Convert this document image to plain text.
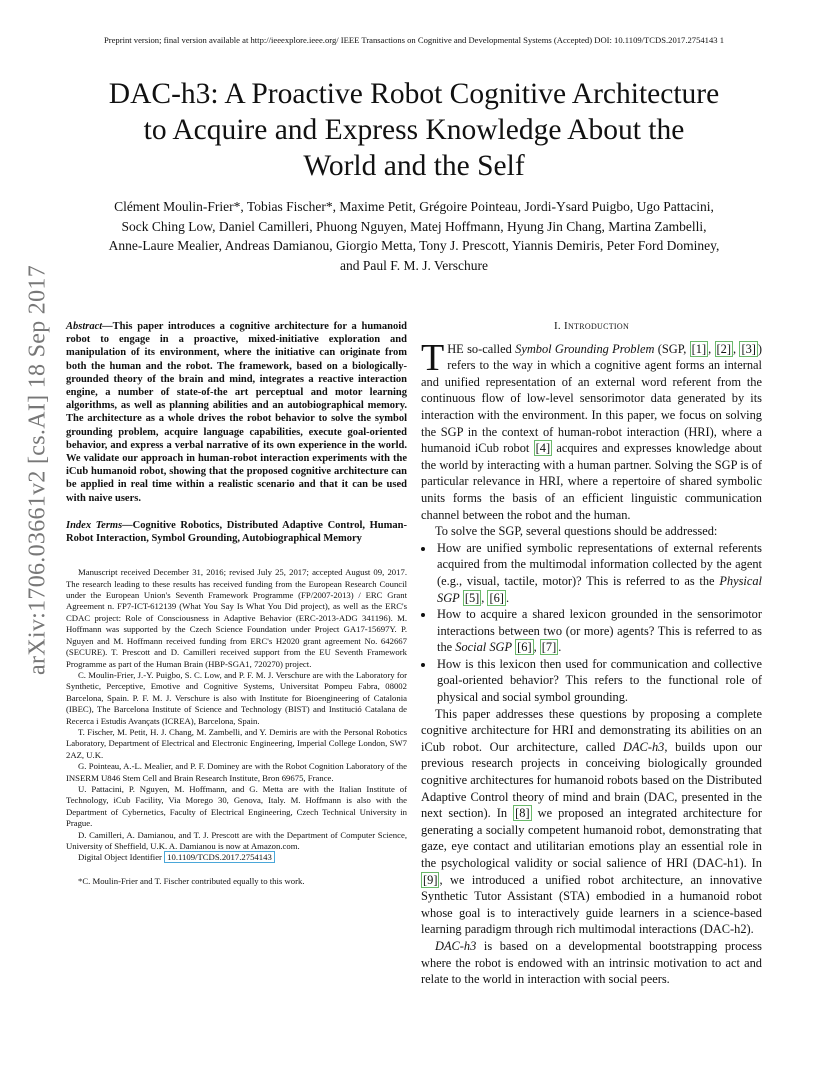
Preprint version; final version available at http://ieeexplore.ieee.org/ IEEE Transactions on Cognitive and Developmental Systems (Accepted) DOI: 10.1109/TCDS.2017.2754143 1
DAC-h3: A Proactive Robot Cognitive Architecture
to Acquire and Express Knowledge About the
World and the Self
Clément Moulin-Frier*, Tobias Fischer*, Maxime Petit, Grégoire Pointeau, Jordi-Ysard Puigbo, Ugo Pattacini,
Sock Ching Low, Daniel Camilleri, Phuong Nguyen, Matej Hoffmann, Hyung Jin Chang, Martina Zambelli,
Anne-Laure Mealier, Andreas Damianou, Giorgio Metta, Tony J. Prescott, Yiannis Demiris, Peter Ford Dominey,
and Paul F. M. J. Verschure
arXiv:1706.03661v2 [cs.AI] 18 Sep 2017 Abstract—This paper introduces a cognitive architecture for a humanoid robot to engage in a proactive, mixed-initiative exploration and manipulation of its environment, where the initiative can originate from both the human and the robot. The framework, based on a biologically-grounded theory of the brain and mind, integrates a reactive interaction engine, a number of state-of-the art perceptual and motor learning algorithms, as well as planning abilities and an autobiographical memory. The architecture as a whole drives the robot behavior to solve the symbol grounding problem, acquire language capabilities, execute goal-oriented behavior, and express a verbal narrative of its own experience in the world. We validate our approach in human-robot interaction experiments with the iCub humanoid robot, showing that the proposed cognitive architecture can be applied in real time within a realistic scenario and that it can be used with naive users.
Index Terms—Cognitive Robotics, Distributed Adaptive Control, Human-Robot Interaction, Symbol Grounding, Autobiographical Memory

Manuscript received December 31, 2016; revised July 25, 2017; accepted August 09, 2017. The research leading to these results has received funding from the European Research Council under the European Union's Seventh Framework Programme (FP/2007-2013) / ERC Grant Agreement n. FP7-ICT-612139 (What You Say Is What You Did project), as well as the ERC's CDAC project: Role of Consciousness in Adaptive Behavior (ERC-2013-ADG 341196). M. Hoffmann was supported by the Czech Science Foundation under Project GA17-15697Y. P. Nguyen and M. Hoffmann received funding from ERC's H2020 grant agreement No. 642667 (SECURE). T. Prescott and D. Camilleri received support from the EU Seventh Framework Programme as part of the Human Brain (HBP-SGA1, 720270) project.

C. Moulin-Frier, J.-Y. Puigbo, S. C. Low, and P. F. M. J. Verschure are with the Laboratory for Synthetic, Perceptive, Emotive and Cognitive Systems, Universitat Pompeu Fabra, 08002 Barcelona, Spain. P. F. M. J. Verschure is also with Institute for Bioengineering of Catalonia (IBEC), The Barcelona Institute of Science and Technology (BIST) and Institució Catalana de Recerca i Estudis Avançats (ICREA), Barcelona, Spain.

T. Fischer, M. Petit, H. J. Chang, M. Zambelli, and Y. Demiris are with the Personal Robotics Laboratory, Department of Electrical and Electronic Engineering, Imperial College London, SW7 2AZ, U.K.

G. Pointeau, A.-L. Mealier, and P. F. Dominey are with the Robot Cognition Laboratory of the INSERM U846 Stem Cell and Brain Research Institute, Bron 69675, France.

U. Pattacini, P. Nguyen, M. Hoffmann, and G. Metta are with the Italian Institute of Technology, iCub Facility, Via Morego 30, Genova, Italy. M. Hoffmann is also with the Department of Cybernetics, Faculty of Electrical Engineering, Czech Technical University in Prague.

D. Camilleri, A. Damianou, and T. J. Prescott are with the Department of Computer Science, University of Sheffield, U.K. A. Damianou is now at Amazon.com.

Digital Object Identifier 10.1109/TCDS.2017.2754143

*C. Moulin-Frier and T. Fischer contributed equally to this work.

I. Introduction

THE so-called Symbol Grounding Problem (SGP, [1] , [2] , [3] ) refers to the way in which a cognitive agent forms an internal and unified representation of an external word referent from the continuous flow of low-level sensorimotor data generated by its interaction with the environment. In this paper, we focus on solving the SGP in the context of human-robot interaction (HRI), where a humanoid iCub robot [4] acquires and expresses knowledge about the world by interacting with a human partner. Solving the SGP is of particular relevance in HRI, where a repertoire of shared symbolic units forms the basis of an efficient linguistic communication channel between the robot and the human.

To solve the SGP, several questions should be addressed:

• How are unified symbolic representations of external referents acquired from the multimodal information collected by the agent (e.g., visual, tactile, motor)? This is referred to as the Physical SGP [5] , [6] .
• How to acquire a shared lexicon grounded in the sensorimotor interactions between two (or more) agents? This is referred to as the Social SGP [6] , [7] .
• How is this lexicon then used for communication and collective goal-oriented behavior? This refers to the functional role of physical and social symbol grounding.

This paper addresses these questions by proposing a complete cognitive architecture for HRI and demonstrating its abilities on an iCub robot. Our architecture, called DAC-h3, builds upon our previous research projects in conceiving biologically grounded cognitive architectures for humanoid robots based on the Distributed Adaptive Control theory of mind and brain (DAC, presented in the next section). In [8] we proposed an integrated architecture for generating a socially competent humanoid robot, demonstrating that gaze, eye contact and utilitarian emotions play an essential role in the psychological validity or social salience of HRI (DAC-h1). In [9] , we introduced a unified robot architecture, an innovative Synthetic Tutor Assistant (STA) embodied in a humanoid robot whose goal is to interactively guide learners in a science-based learning paradigm through rich multimodal interactions (DAC-h2).

DAC-h3 is based on a developmental bootstrapping process where the robot is endowed with an intrinsic motivation to act and relate to the world in interaction with social peers.
